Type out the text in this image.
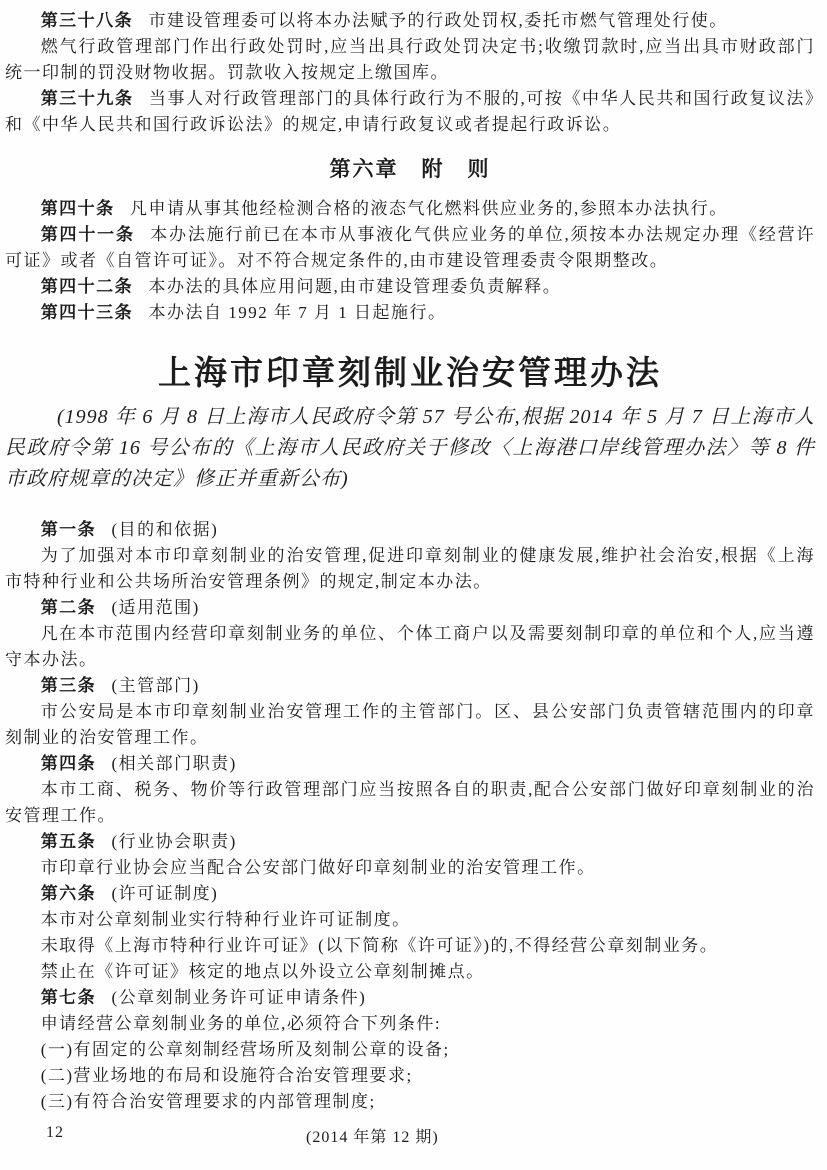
第三十八条 市建设管理委可以将本办法赋予的行政处罚权,委托市燃气管理处行使。

燃气行政管理部门作出行政处罚时,应当出具行政处罚决定书;收缴罚款时,应当出具市财政部门统一印制的罚没财物收据。罚款收入按规定上缴国库。

第三十九条 当事人对行政管理部门的具体行政行为不服的,可按《中华人民共和国行政复议法》和《中华人民共和国行政诉讼法》的规定,申请行政复议或者提起行政诉讼。

第六章　附　则

第四十条 凡申请从事其他经检测合格的液态气化燃料供应业务的,参照本办法执行。

第四十一条 本办法施行前已在本市从事液化气供应业务的单位,须按本办法规定办理《经营许可证》或者《自管许可证》。对不符合规定条件的,由市建设管理委责令限期整改。

第四十二条 本办法的具体应用问题,由市建设管理委负责解释。

第四十三条 本办法自 1992 年 7 月 1 日起施行。

上海市印章刻制业治安管理办法

(1998 年 6 月 8 日上海市人民政府令第 57 号公布,根据 2014 年 5 月 7 日上海市人民政府令第 16 号公布的《上海市人民政府关于修改〈上海港口岸线管理办法〉等 8 件市政府规章的决定》修正并重新公布)

第一条 (目的和依据)

为了加强对本市印章刻制业的治安管理,促进印章刻制业的健康发展,维护社会治安,根据《上海市特种行业和公共场所治安管理条例》的规定,制定本办法。

第二条 (适用范围)

凡在本市范围内经营印章刻制业务的单位、个体工商户以及需要刻制印章的单位和个人,应当遵守本办法。

第三条 (主管部门)

市公安局是本市印章刻制业治安管理工作的主管部门。区、县公安部门负责管辖范围内的印章刻制业的治安管理工作。

第四条 (相关部门职责)

本市工商、税务、物价等行政管理部门应当按照各自的职责,配合公安部门做好印章刻制业的治安管理工作。

第五条 (行业协会职责)

市印章行业协会应当配合公安部门做好印章刻制业的治安管理工作。

第六条 (许可证制度)

本市对公章刻制业实行特种行业许可证制度。

未取得《上海市特种行业许可证》(以下简称《许可证》)的,不得经营公章刻制业务。

禁止在《许可证》核定的地点以外设立公章刻制摊点。

第七条 (公章刻制业务许可证申请条件)

申请经营公章刻制业务的单位,必须符合下列条件:

(一)有固定的公章刻制经营场所及刻制公章的设备;

(二)营业场地的布局和设施符合治安管理要求;

(三)有符合治安管理要求的内部管理制度;

12	(2014 年第 12 期)
